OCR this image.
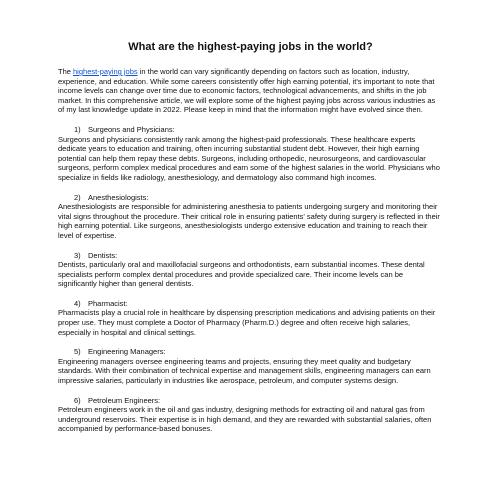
What are the highest-paying jobs in the world?

The highest-paying jobs in the world can vary significantly depending on factors such as location, industry, experience, and education. While some careers consistently offer high earning potential, it's important to note that income levels can change over time due to economic factors, technological advancements, and shifts in the job market. In this comprehensive article, we will explore some of the highest paying jobs across various industries as of my last knowledge update in 2022. Please keep in mind that the information might have evolved since then.

1) Surgeons and Physicians:

Surgeons and physicians consistently rank among the highest-paid professionals. These healthcare experts dedicate years to education and training, often incurring substantial student debt. However, their high earning potential can help them repay these debts. Surgeons, including orthopedic, neurosurgeons, and cardiovascular surgeons, perform complex medical procedures and earn some of the highest salaries in the world. Physicians who specialize in fields like radiology, anesthesiology, and dermatology also command high incomes.

2) Anesthesiologists:

Anesthesiologists are responsible for administering anesthesia to patients undergoing surgery and monitoring their vital signs throughout the procedure. Their critical role in ensuring patients' safety during surgery is reflected in their high earning potential. Like surgeons, anesthesiologists undergo extensive education and training to reach their level of expertise.

3) Dentists:

Dentists, particularly oral and maxillofacial surgeons and orthodontists, earn substantial incomes. These dental specialists perform complex dental procedures and provide specialized care. Their income levels can be significantly higher than general dentists.

4) Pharmacist:

Pharmacists play a crucial role in healthcare by dispensing prescription medications and advising patients on their proper use. They must complete a Doctor of Pharmacy (Pharm.D.) degree and often receive high salaries, especially in hospital and clinical settings.

5) Engineering Managers:

Engineering managers oversee engineering teams and projects, ensuring they meet quality and budgetary standards. With their combination of technical expertise and management skills, engineering managers can earn impressive salaries, particularly in industries like aerospace, petroleum, and computer systems design.

6) Petroleum Engineers:

Petroleum engineers work in the oil and gas industry, designing methods for extracting oil and natural gas from underground reservoirs. Their expertise is in high demand, and they are rewarded with substantial salaries, often accompanied by performance-based bonuses.
